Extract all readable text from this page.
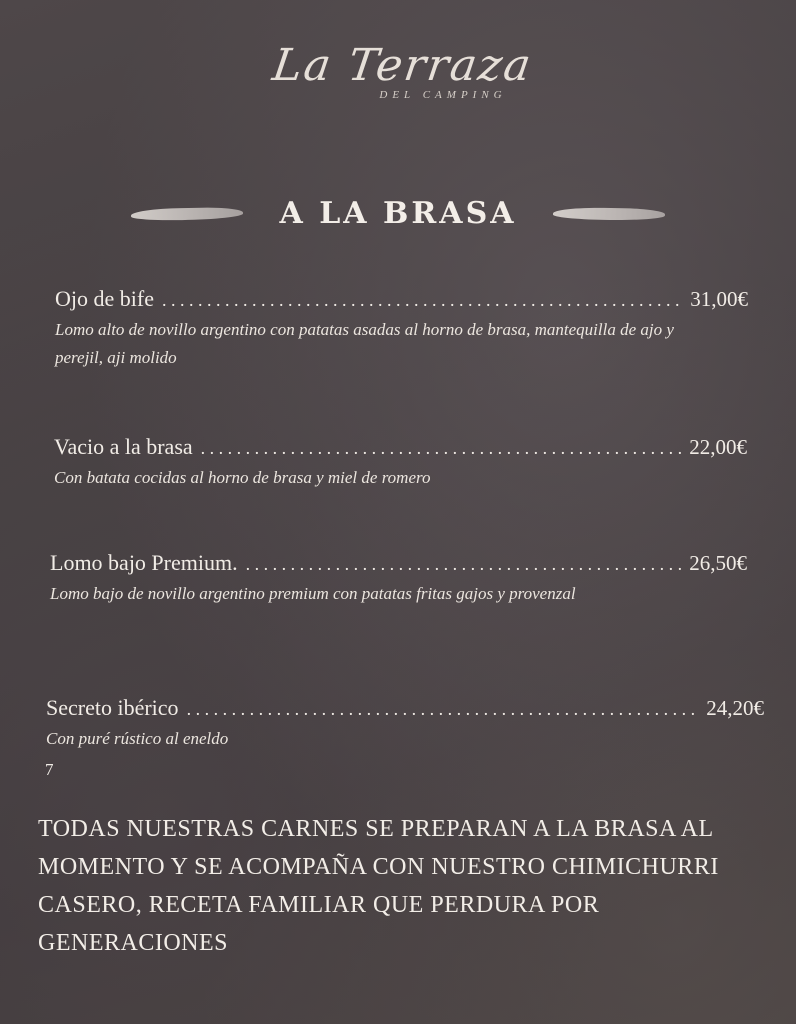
La Terraza
DEL CAMPING
A LA BRASA
Ojo de bife . . .	31,00€
Lomo alto de novillo argentino con patatas asadas al horno de brasa, mantequilla de ajo y perejil, aji molido
Vacio a la brasa . . .	22,00€
Con batata cocidas al horno de brasa y miel de romero
Lomo bajo Premium. . . .	26,50€
Lomo bajo de novillo argentino premium con patatas fritas gajos y provenzal
Secreto ibérico . . .	24,20€
Con puré rústico al eneldo
7
TODAS NUESTRAS CARNES SE PREPARAN A LA BRASA AL MOMENTO Y SE ACOMPAÑA CON NUESTRO CHIMICHURRI CASERO, RECETA FAMILIAR QUE PERDURA POR GENERACIONES
